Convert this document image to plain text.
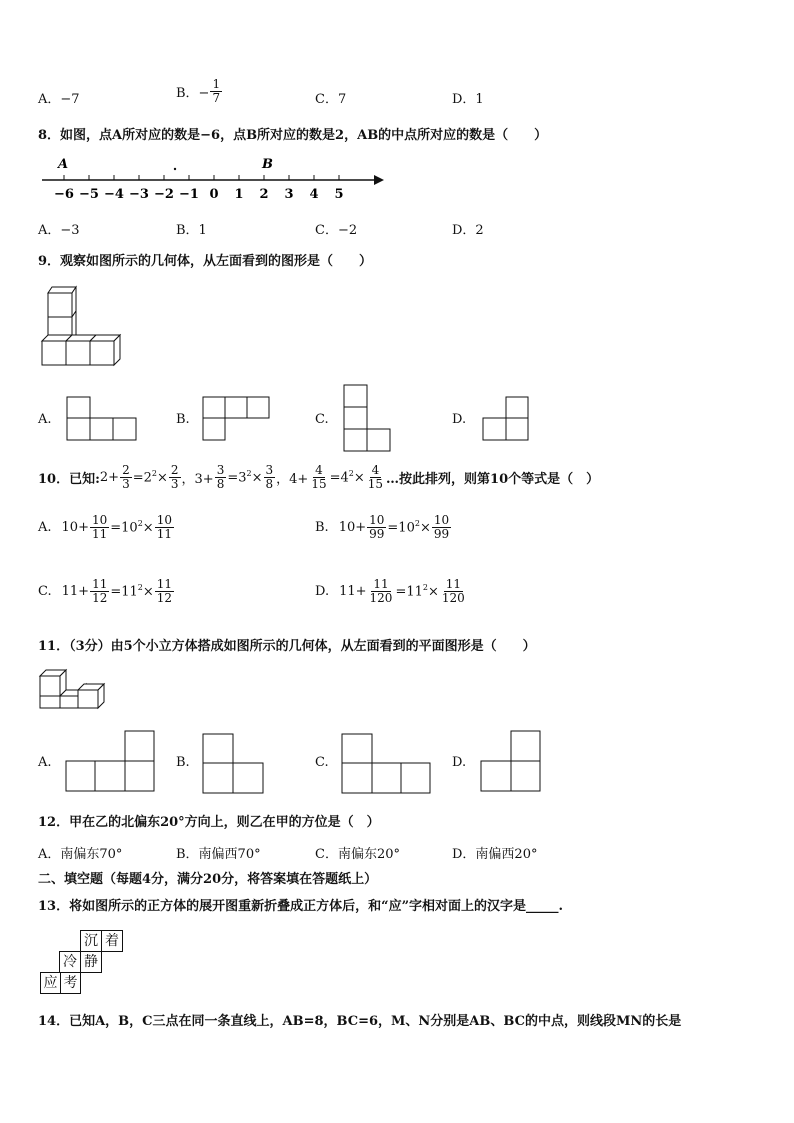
A．−7	B．− $\frac{1}{7}$	C．7	D．1
8．如图，点A所对应的数是−6，点B所对应的数是2，AB的中点所对应的数是（　　）
−6 −5 −4 −3 −2 −1 0 1 2 3 4 5
A	B
A．−3	B．1	C．−2	D．2
9．观察如图所示的几何体，从左面看到的图形是（　　）
A.	B.	C.	D.
10．已知: $2+ \frac{2}{3} =2^2\times \frac{2}{3}$ ，$3+ \frac{3}{8} =3^2\times \frac{3}{8}$ ，$4+ \frac{4}{15} =4^2\times \frac{4}{15}$ …按此排列，则第10个等式是（　）
A. $10+ \frac{10}{11} =10^2\times \frac{10}{11}$	B. $10+ \frac{10}{99} =10^2\times \frac{10}{99}$
C. $11+ \frac{11}{12} =11^2\times \frac{11}{12}$	D. $11+ \frac{11}{120} =11^2\times \frac{11}{120}$
11．（3分）由5个小立方体搭成如图所示的几何体，从左面看到的平面图形是（　　）
A.	B.	C.	D.
12．甲在乙的北偏东20°方向上，则乙在甲的方位是（　）
A．南偏东70°	B．南偏西70°	C．南偏东20°	D．南偏西20°
二、填空题（每题4分，满分20分，将答案填在答题纸上）
13．将如图所示的正方体的展开图重新折叠成正方体后，和“应”字相对面上的汉字是_____.
沉 着
冷 静
应 考
14．已知A，B，C三点在同一条直线上，AB=8，BC=6，M、N分别是AB、BC的中点，则线段MN的长是
